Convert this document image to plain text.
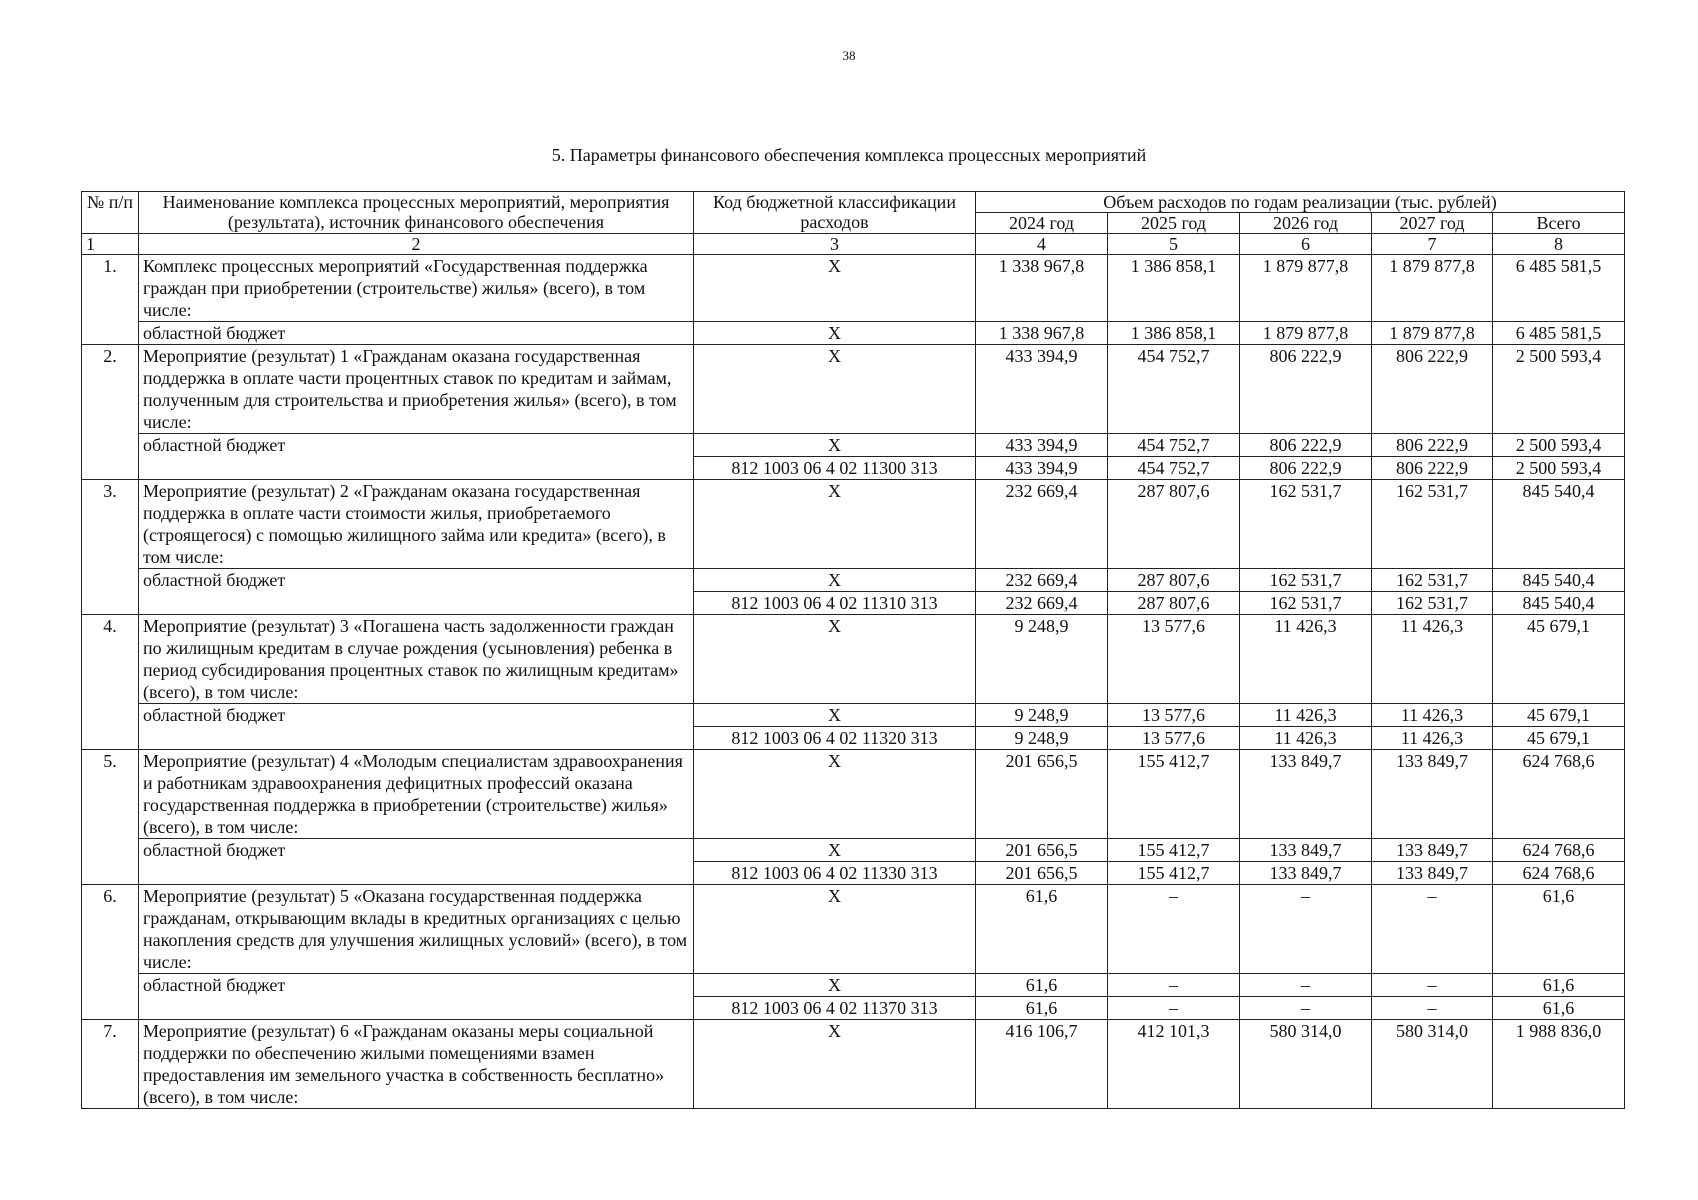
38
5. Параметры финансового обеспечения комплекса процессных мероприятий
№ п/п	Наименование комплекса процессных мероприятий, мероприятия (результата), источник финансового обеспечения	Код бюджетной классификации расходов	Объем расходов по годам реализации (тыс. рублей)				
			2024 год	2025 год	2026 год	2027 год	Всего
1	2	3	4	5	6	7	8
1.	Комплекс процессных мероприятий «Государственная поддержка граждан при приобретении (строительстве) жилья» (всего), в том числе:	X	1 338 967,8	1 386 858,1	1 879 877,8	1 879 877,8	6 485 581,5
	областной бюджет	X	1 338 967,8	1 386 858,1	1 879 877,8	1 879 877,8	6 485 581,5
2.	Мероприятие (результат) 1 «Гражданам оказана государственная поддержка в оплате части процентных ставок по кредитам и займам, полученным для строительства и приобретения жилья» (всего), в том числе:	X	433 394,9	454 752,7	806 222,9	806 222,9	2 500 593,4
	областной бюджет	X	433 394,9	454 752,7	806 222,9	806 222,9	2 500 593,4
		812 1003 06 4 02 11300 313	433 394,9	454 752,7	806 222,9	806 222,9	2 500 593,4
3.	Мероприятие (результат) 2 «Гражданам оказана государственная поддержка в оплате части стоимости жилья, приобретаемого (строящегося) с помощью жилищного займа или кредита» (всего), в том числе:	X	232 669,4	287 807,6	162 531,7	162 531,7	845 540,4
	областной бюджет	X	232 669,4	287 807,6	162 531,7	162 531,7	845 540,4
		812 1003 06 4 02 11310 313	232 669,4	287 807,6	162 531,7	162 531,7	845 540,4
4.	Мероприятие (результат) 3 «Погашена часть задолженности граждан по жилищным кредитам в случае рождения (усыновления) ребенка в период субсидирования процентных ставок по жилищным кредитам» (всего), в том числе:	X	9 248,9	13 577,6	11 426,3	11 426,3	45 679,1
	областной бюджет	X	9 248,9	13 577,6	11 426,3	11 426,3	45 679,1
		812 1003 06 4 02 11320 313	9 248,9	13 577,6	11 426,3	11 426,3	45 679,1
5.	Мероприятие (результат) 4 «Молодым специалистам здравоохранения и работникам здравоохранения дефицитных профессий оказана государственная поддержка в приобретении (строительстве) жилья» (всего), в том числе:	X	201 656,5	155 412,7	133 849,7	133 849,7	624 768,6
	областной бюджет	X	201 656,5	155 412,7	133 849,7	133 849,7	624 768,6
		812 1003 06 4 02 11330 313	201 656,5	155 412,7	133 849,7	133 849,7	624 768,6
6.	Мероприятие (результат) 5 «Оказана государственная поддержка гражданам, открывающим вклады в кредитных организациях с целью накопления средств для улучшения жилищных условий» (всего), в том числе:	X	61,6	–	–	–	61,6
	областной бюджет	X	61,6	–	–	–	61,6
		812 1003 06 4 02 11370 313	61,6	–	–	–	61,6
7.	Мероприятие (результат) 6 «Гражданам оказаны меры социальной поддержки по обеспечению жилыми помещениями взамен предоставления им земельного участка в собственность бесплатно» (всего), в том числе:	X	416 106,7	412 101,3	580 314,0	580 314,0	1 988 836,0
